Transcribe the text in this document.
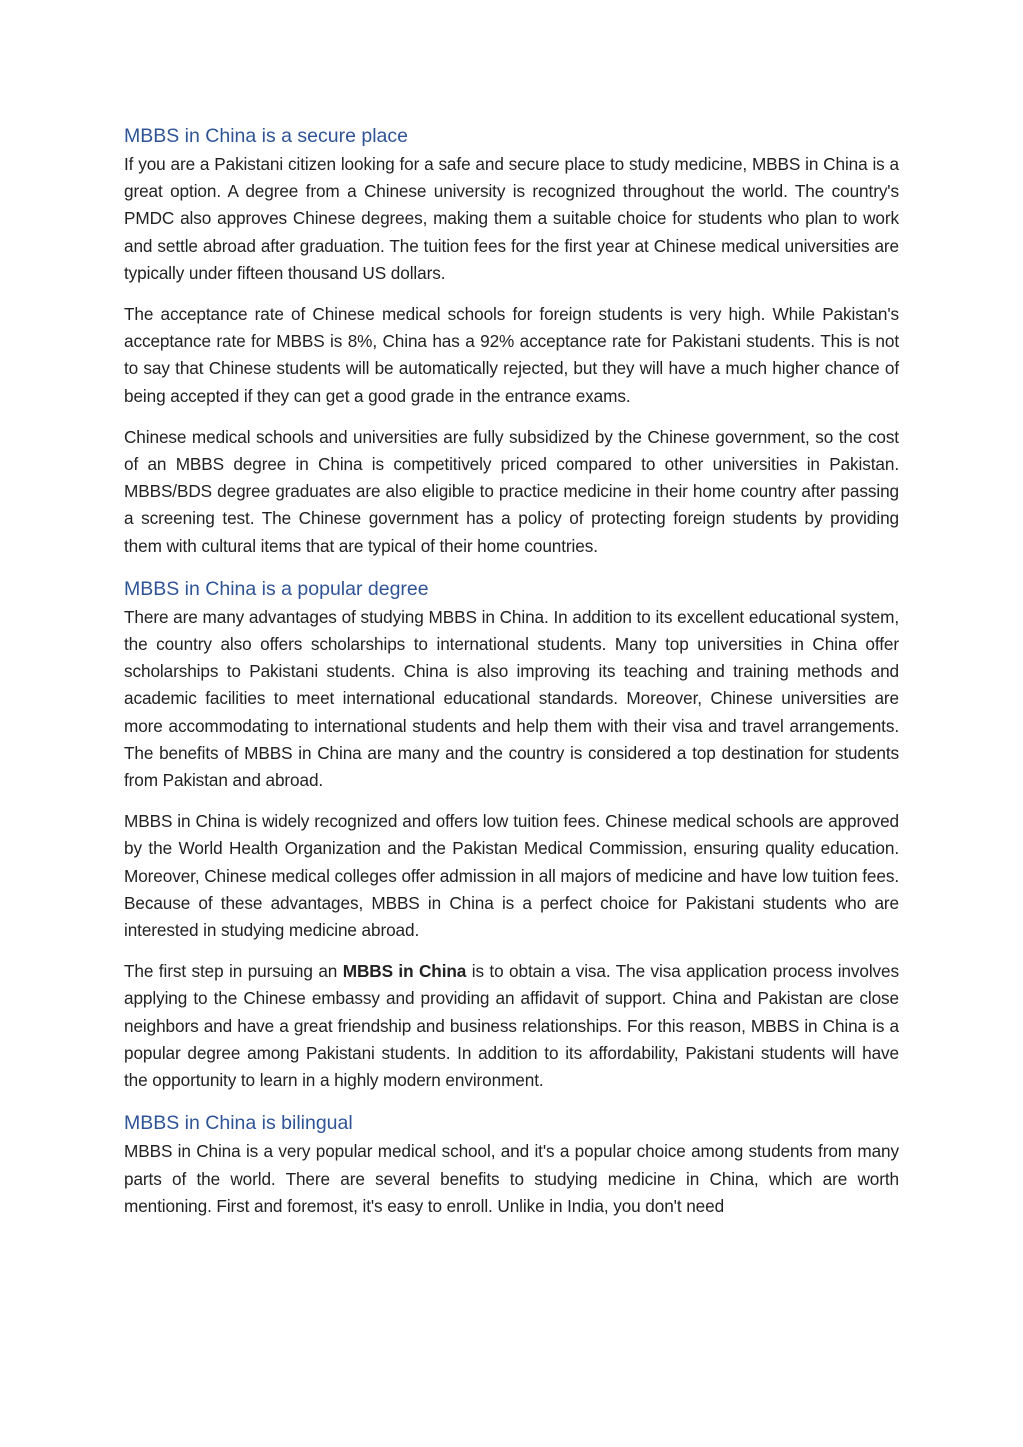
MBBS in China is a secure place

If you are a Pakistani citizen looking for a safe and secure place to study medicine, MBBS in China is a great option. A degree from a Chinese university is recognized throughout the world. The country's PMDC also approves Chinese degrees, making them a suitable choice for students who plan to work and settle abroad after graduation. The tuition fees for the first year at Chinese medical universities are typically under fifteen thousand US dollars.

The acceptance rate of Chinese medical schools for foreign students is very high. While Pakistan's acceptance rate for MBBS is 8%, China has a 92% acceptance rate for Pakistani students. This is not to say that Chinese students will be automatically rejected, but they will have a much higher chance of being accepted if they can get a good grade in the entrance exams.

Chinese medical schools and universities are fully subsidized by the Chinese government, so the cost of an MBBS degree in China is competitively priced compared to other universities in Pakistan. MBBS/BDS degree graduates are also eligible to practice medicine in their home country after passing a screening test. The Chinese government has a policy of protecting foreign students by providing them with cultural items that are typical of their home countries.

MBBS in China is a popular degree

There are many advantages of studying MBBS in China. In addition to its excellent educational system, the country also offers scholarships to international students. Many top universities in China offer scholarships to Pakistani students. China is also improving its teaching and training methods and academic facilities to meet international educational standards. Moreover, Chinese universities are more accommodating to international students and help them with their visa and travel arrangements. The benefits of MBBS in China are many and the country is considered a top destination for students from Pakistan and abroad.

MBBS in China is widely recognized and offers low tuition fees. Chinese medical schools are approved by the World Health Organization and the Pakistan Medical Commission, ensuring quality education. Moreover, Chinese medical colleges offer admission in all majors of medicine and have low tuition fees. Because of these advantages, MBBS in China is a perfect choice for Pakistani students who are interested in studying medicine abroad.

The first step in pursuing an MBBS in China is to obtain a visa. The visa application process involves applying to the Chinese embassy and providing an affidavit of support. China and Pakistan are close neighbors and have a great friendship and business relationships. For this reason, MBBS in China is a popular degree among Pakistani students. In addition to its affordability, Pakistani students will have the opportunity to learn in a highly modern environment.

MBBS in China is bilingual

MBBS in China is a very popular medical school, and it's a popular choice among students from many parts of the world. There are several benefits to studying medicine in China, which are worth mentioning. First and foremost, it's easy to enroll. Unlike in India, you don't need
